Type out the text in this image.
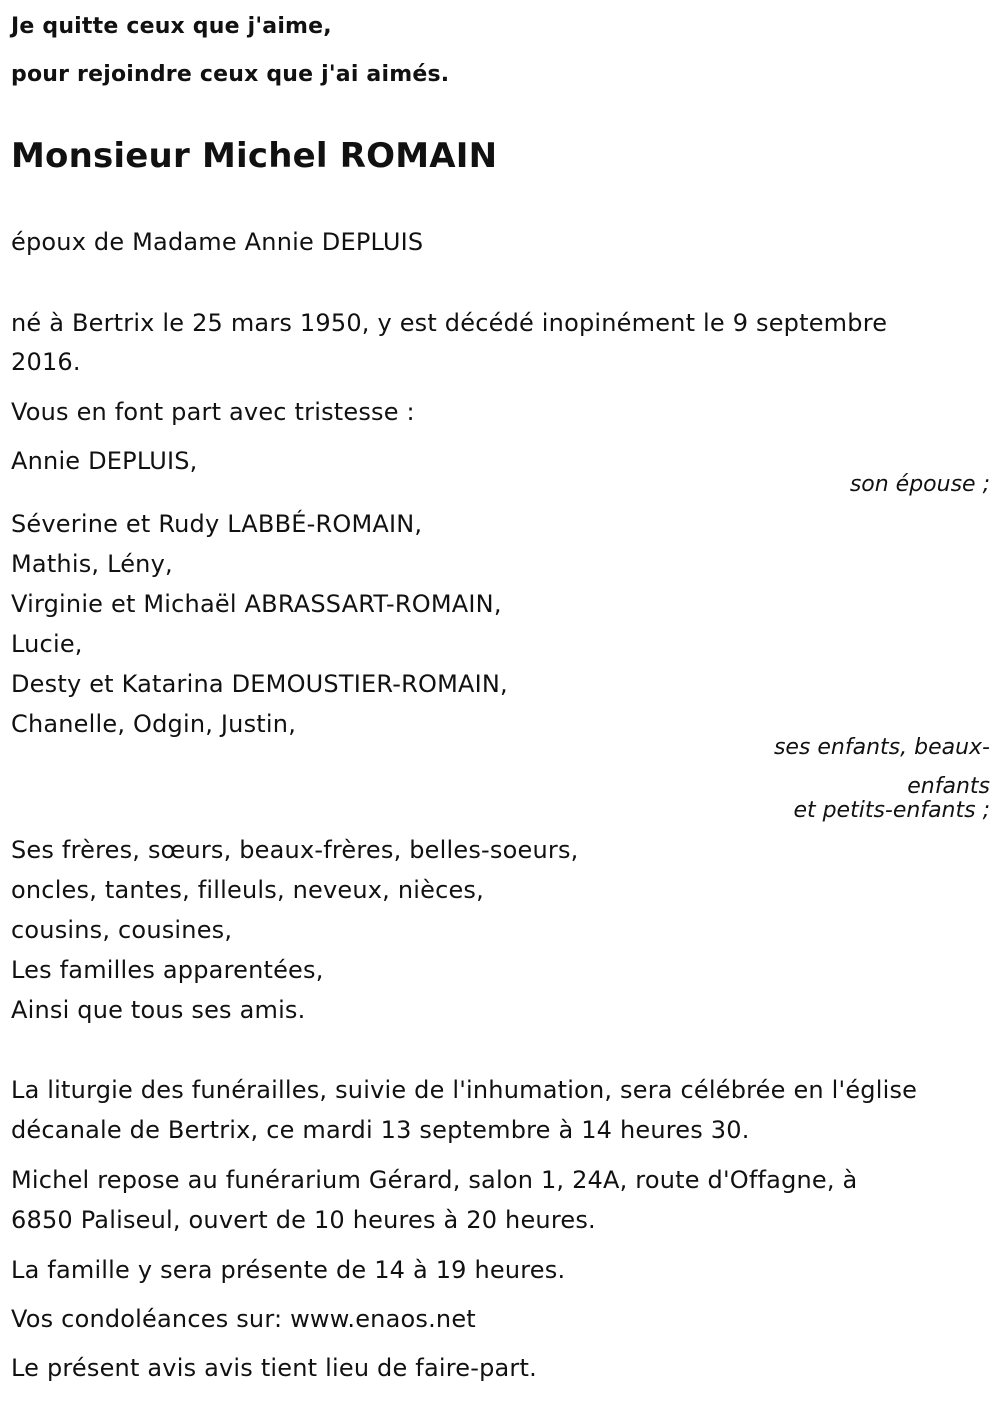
Je quitte ceux que j'aime,

pour rejoindre ceux que j'ai aimés.

Monsieur Michel ROMAIN

époux de Madame Annie DEPLUIS

né à Bertrix le 25 mars 1950, y est décédé inopinément le 9 septembre

2016.

Vous en font part avec tristesse :

Annie DEPLUIS,

son épouse ;

Séverine et Rudy LABBÉ-ROMAIN,

Mathis, Lény,

Virginie et Michaël ABRASSART-ROMAIN,

Lucie,

Desty et Katarina DEMOUSTIER-ROMAIN,

Chanelle, Odgin, Justin,

ses enfants, beaux-

enfants

et petits-enfants ;

Ses frères, sœurs, beaux-frères, belles-soeurs,

oncles, tantes, filleuls, neveux, nièces,

cousins, cousines,

Les familles apparentées,

Ainsi que tous ses amis.

La liturgie des funérailles, suivie de l'inhumation, sera célébrée en l'église

décanale de Bertrix, ce mardi 13 septembre à 14 heures 30.

Michel repose au funérarium Gérard, salon 1, 24A, route d'Offagne, à

6850 Paliseul, ouvert de 10 heures à 20 heures.

La famille y sera présente de 14 à 19 heures.

Vos condoléances sur: www.enaos.net

Le présent avis avis tient lieu de faire-part.
